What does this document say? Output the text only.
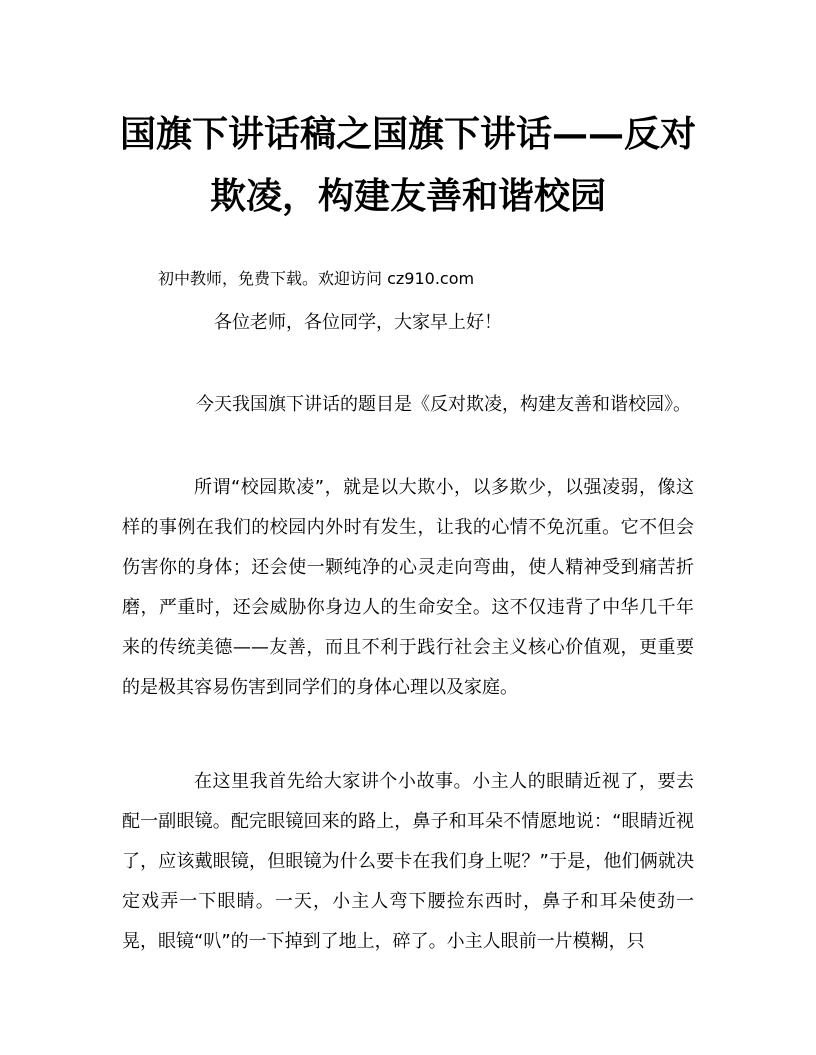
国旗下讲话稿之国旗下讲话——反对
欺凌，构建友善和谐校园
初中教师，免费下载。欢迎访问 cz910.com
各位老师，各位同学，大家早上好！
今天我国旗下讲话的题目是《反对欺凌，构建友善和谐校园》。

所谓“校园欺凌”，就是以大欺小，以多欺少，以强凌弱，像这样的事例在我们的校园内外时有发生，让我的心情不免沉重。它不但会伤害你的身体；还会使一颗纯净的心灵走向弯曲，使人精神受到痛苦折磨，严重时，还会威胁你身边人的生命安全。这不仅违背了中华几千年来的传统美德——友善，而且不利于践行社会主义核心价值观，更重要的是极其容易伤害到同学们的身体心理以及家庭。

在这里我首先给大家讲个小故事。小主人的眼睛近视了，要去配一副眼镜。配完眼镜回来的路上，鼻子和耳朵不情愿地说：“眼睛近视了，应该戴眼镜，但眼镜为什么要卡在我们身上呢？”于是，他们俩就决定戏弄一下眼睛。一天，小主人弯下腰捡东西时，鼻子和耳朵使劲一晃，眼镜“叭”的一下掉到了地上，碎了。小主人眼前一片模糊，只
